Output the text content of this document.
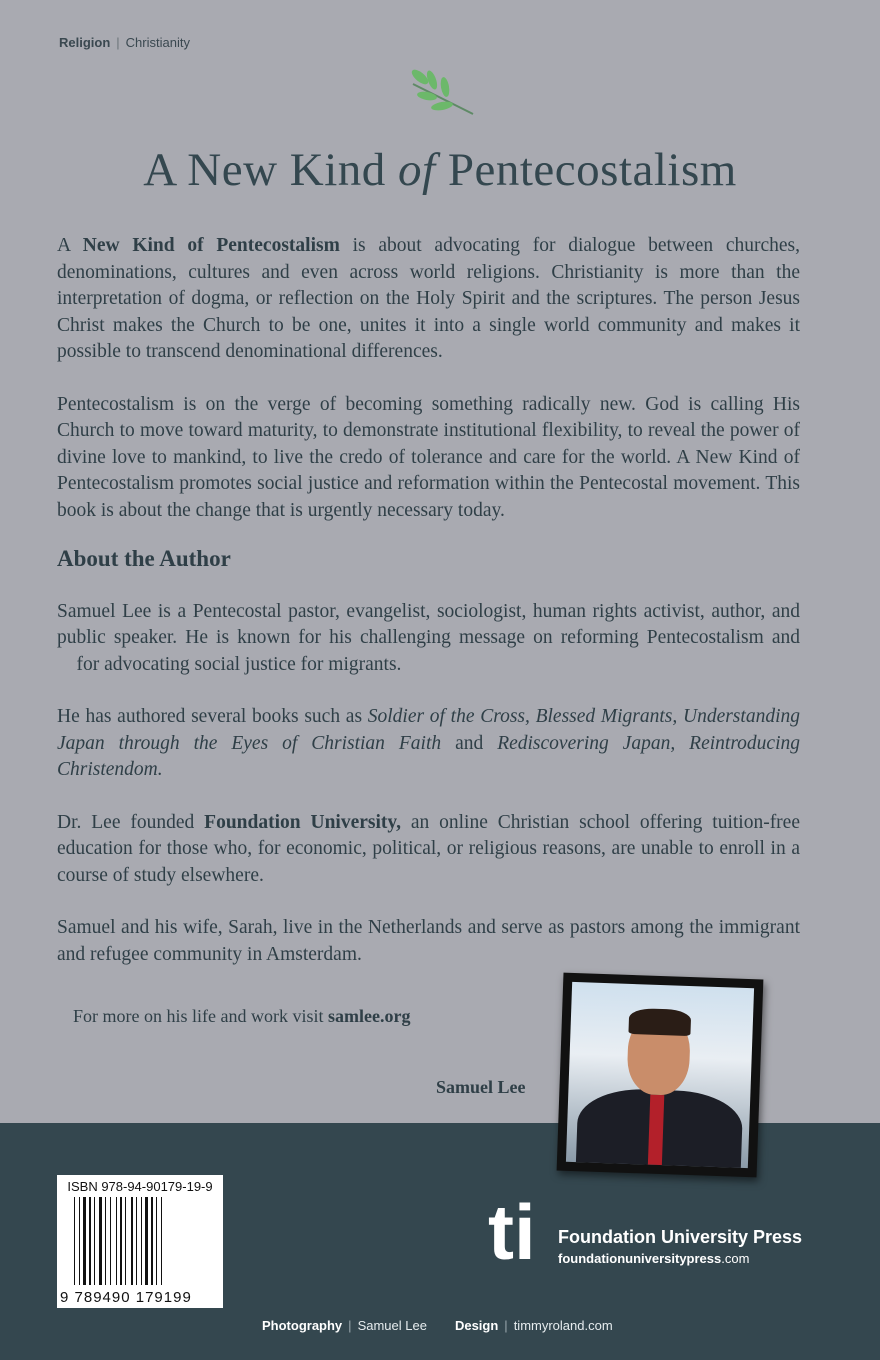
Religion | Christianity
A New Kind of Pentecostalism

A New Kind of Pentecostalism is about advocating for dialogue between churches, denominations, cultures and even across world religions. Christianity is more than the interpretation of dogma, or reflection on the Holy Spirit and the scriptures. The person Jesus Christ makes the Church to be one, unites it into a single world community and makes it possible to transcend denominational differences.

Pentecostalism is on the verge of becoming something radically new. God is calling His Church to move toward maturity, to demonstrate institutional flexibility, to reveal the power of divine love to mankind, to live the credo of tolerance and care for the world. A New Kind of Pentecostalism promotes social justice and reformation within the Pentecostal movement. This book is about the change that is urgently necessary today.

About the Author

Samuel Lee is a Pentecostal pastor, evangelist, sociologist, human rights activist, author, and public speaker. He is known for his challenging message on reforming Pentecostalism and     for advocating social justice for migrants.

He has authored several books such as Soldier of the Cross, Blessed Migrants, Understanding Japan through the Eyes of Christian Faith and Rediscovering Japan, Reintroducing Christendom.

Dr. Lee founded Foundation University, an online Christian school offering tuition-free education for those who, for economic, political, or religious reasons, are unable to enroll in a course of study elsewhere.

Samuel and his wife, Sarah, live in the Netherlands and serve as pastors among the immigrant and refugee community in Amsterdam.

For more on his life and work visit samlee.org
Samuel Lee
ISBN 978-94-90179-19-9
9 789490 179199
ti	Foundation University Press
foundationuniversitypress.com
Photography | Samuel Lee Design | timmyroland.com
